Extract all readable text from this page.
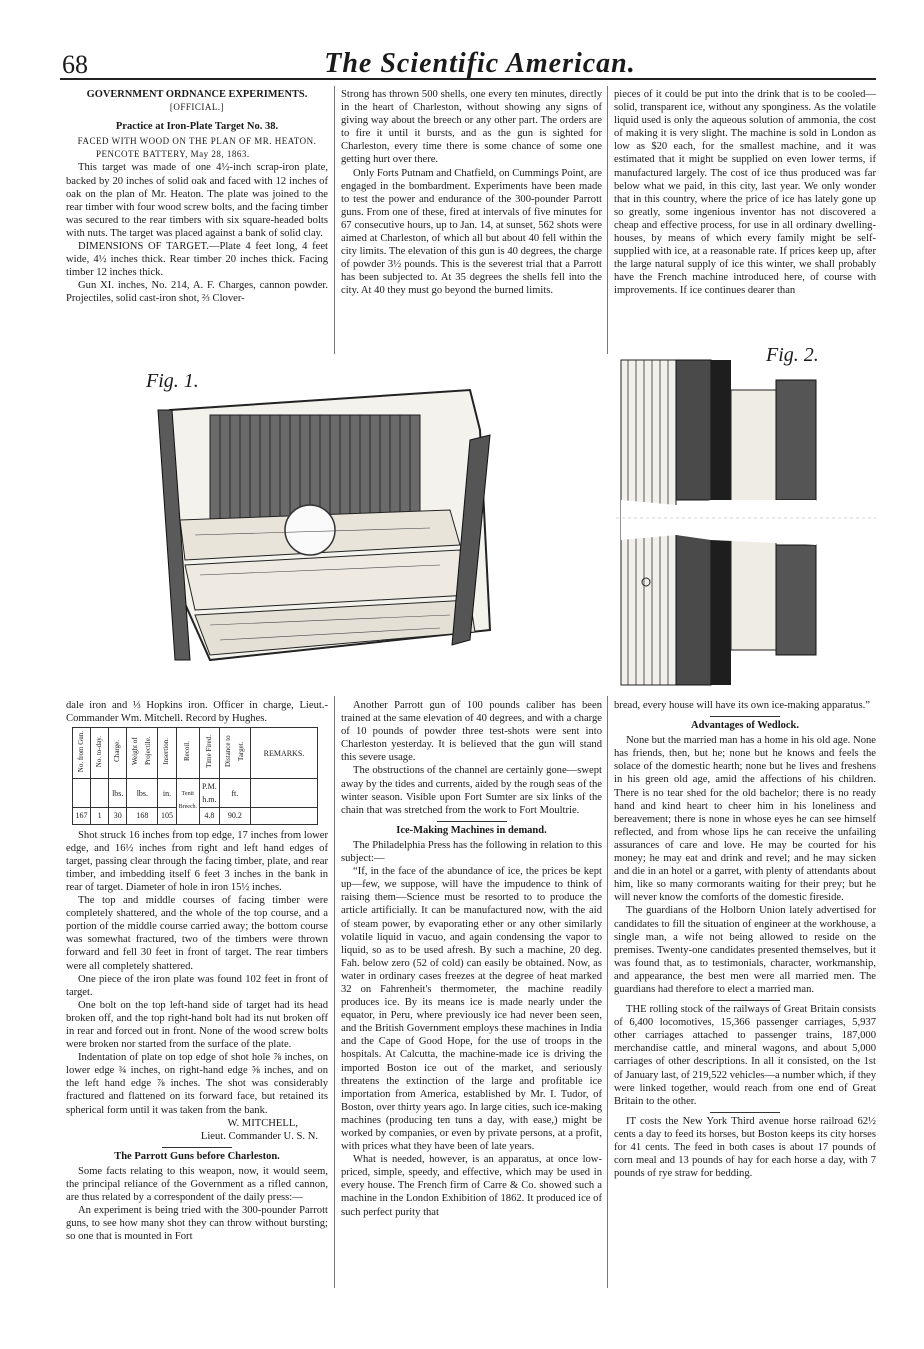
68	The Scientific American.

GOVERNMENT ORDNANCE EXPERIMENTS.

[OFFICIAL.]

Practice at Iron-Plate Target No. 38.

FACED WITH WOOD ON THE PLAN OF MR. HEATON.

PENCOTE BATTERY, May 28, 1863.

This target was made of one 4½-inch scrap-iron plate, backed by 20 inches of solid oak and faced with 12 inches of oak on the plan of Mr. Heaton. The plate was joined to the rear timber with four wood screw bolts, and the facing timber was secured to the rear timbers with six square-headed bolts with nuts. The target was placed against a bank of solid clay.

DIMENSIONS OF TARGET.—Plate 4 feet long, 4 feet wide, 4½ inches thick. Rear timber 20 inches thick. Facing timber 12 inches thick.

Gun XI. inches, No. 214, A. F. Charges, cannon powder. Projectiles, solid cast-iron shot, ⅔ Clover-

Strong has thrown 500 shells, one every ten minutes, directly in the heart of Charleston, without showing any signs of giving way about the breech or any other part. The orders are to fire it until it bursts, and as the gun is sighted for Charleston, every time there is some chance of some one getting hurt over there.

Only Forts Putnam and Chatfield, on Cummings Point, are engaged in the bombardment. Experiments have been made to test the power and endurance of the 300-pounder Parrott guns. From one of these, fired at intervals of five minutes for 67 consecutive hours, up to Jan. 14, at sunset, 562 shots were aimed at Charleston, of which all but about 40 fell within the city limits. The elevation of this gun is 40 degrees, the charge of powder 3½ pounds. This is the severest trial that a Parrott has been subjected to. At 35 degrees the shells fell into the city. At 40 they must go beyond the burned limits.

pieces of it could be put into the drink that is to be cooled—solid, transparent ice, without any sponginess. As the volatile liquid used is only the aqueous solution of ammonia, the cost of making it is very slight. The machine is sold in London as low as $20 each, for the smallest machine, and it was estimated that it might be supplied on even lower terms, if manufactured largely. The cost of ice thus produced was far below what we paid, in this city, last year. We only wonder that in this country, where the price of ice has lately gone up so greatly, some ingenious inventor has not discovered a cheap and effective process, for use in all ordinary dwelling-houses, by means of which every family might be self-supplied with ice, at a reasonable rate. If prices keep up, after the large natural supply of ice this winter, we shall probably have the French machine introduced here, of course with improvements. If ice continues dearer than

Fig. 1.
Fig. 2.

dale iron and ⅓ Hopkins iron. Officer in charge, Lieut.-Commander Wm. Mitchell. Record by Hughes.

No. from Gun.	No. to-day.	Charge.	Weight of Projectile.	Insertion.	Recoil.	Time Fired.	Distance to Target.	REMARKS.
		lbs.	lbs.	in.	Tenit Breech.	P.M. h.m.	ft.	
167	1	30	168	105		4.8	90.2	

Shot struck 16 inches from top edge, 17 inches from lower edge, and 16½ inches from right and left hand edges of target, passing clear through the facing timber, plate, and rear timber, and imbedding itself 6 feet 3 inches in the bank in rear of target. Diameter of hole in iron 15½ inches.

The top and middle courses of facing timber were completely shattered, and the whole of the top course, and a portion of the middle course carried away; the bottom course was somewhat fractured, two of the timbers were thrown forward and fell 30 feet in front of target. The rear timbers were all completely shattered.

One piece of the iron plate was found 102 feet in front of target.

One bolt on the top left-hand side of target had its head broken off, and the top right-hand bolt had its nut broken off in rear and forced out in front. None of the wood screw bolts were broken nor started from the surface of the plate.

Indentation of plate on top edge of shot hole ⅞ inches, on lower edge ¾ inches, on right-hand edge ⅝ inches, and on the left hand edge ⅞ inches. The shot was considerably fractured and flattened on its forward face, but retained its spherical form until it was taken from the bank.

W. MITCHELL,

Lieut. Commander U. S. N.

The Parrott Guns before Charleston.

Some facts relating to this weapon, now, it would seem, the principal reliance of the Government as a rifled cannon, are thus related by a correspondent of the daily press:—

An experiment is being tried with the 300-pounder Parrott guns, to see how many shot they can throw without bursting; so one that is mounted in Fort

Another Parrott gun of 100 pounds caliber has been trained at the same elevation of 40 degrees, and with a charge of 10 pounds of powder three test-shots were sent into Charleston yesterday. It is believed that the gun will stand this severe usage.

The obstructions of the channel are certainly gone—swept away by the tides and currents, aided by the rough seas of the winter season. Visible upon Fort Sumter are six links of the chain that was stretched from the work to Fort Moultrie.

Ice-Making Machines in demand.

The Philadelphia Press has the following in relation to this subject:—

“If, in the face of the abundance of ice, the prices be kept up—few, we suppose, will have the impudence to think of raising them—Science must be resorted to to produce the article artificially. It can be manufactured now, with the aid of steam power, by evaporating ether or any other similarly volatile liquid in vacuo, and again condensing the vapor to liquid, so as to be used afresh. By such a machine, 20 deg. Fah. below zero (52 of cold) can easily be obtained. Now, as water in ordinary cases freezes at the degree of heat marked 32 on Fahrenheit's thermometer, the machine readily produces ice. By its means ice is made nearly under the equator, in Peru, where previously ice had never been seen, and the British Government employs these machines in India and the Cape of Good Hope, for the use of troops in the hospitals. At Calcutta, the machine-made ice is driving the imported Boston ice out of the market, and seriously threatens the extinction of the large and profitable ice importation from America, established by Mr. I. Tudor, of Boston, over thirty years ago. In large cities, such ice-making machines (producing ten tuns a day, with ease,) might be worked by companies, or even by private persons, at a profit, with prices what they have been of late years.

What is needed, however, is an apparatus, at once low-priced, simple, speedy, and effective, which may be used in every house. The French firm of Carre & Co. showed such a machine in the London Exhibition of 1862. It produced ice of such perfect purity that

bread, every house will have its own ice-making apparatus.”

Advantages of Wedlock.

None but the married man has a home in his old age. None has friends, then, but he; none but he knows and feels the solace of the domestic hearth; none but he lives and freshens in his green old age, amid the affections of his children. There is no tear shed for the old bachelor; there is no ready hand and kind heart to cheer him in his loneliness and bereavement; there is none in whose eyes he can see himself reflected, and from whose lips he can receive the unfailing assurances of care and love. He may be courted for his money; he may eat and drink and revel; and he may sicken and die in an hotel or a garret, with plenty of attendants about him, like so many cormorants waiting for their prey; but he will never know the comforts of the domestic fireside.

The guardians of the Holborn Union lately advertised for candidates to fill the situation of engineer at the workhouse, a single man, a wife not being allowed to reside on the premises. Twenty-one candidates presented themselves, but it was found that, as to testimonials, character, workmanship, and appearance, the best men were all married men. The guardians had therefore to elect a married man.

THE rolling stock of the railways of Great Britain consists of 6,400 locomotives, 15,366 passenger carriages, 5,937 other carriages attached to passenger trains, 187,000 merchandise cattle, and mineral wagons, and about 5,000 carriages of other descriptions. In all it consisted, on the 1st of January last, of 219,522 vehicles—a number which, if they were linked together, would reach from one end of Great Britain to the other.

IT costs the New York Third avenue horse railroad 62½ cents a day to feed its horses, but Boston keeps its city horses for 41 cents. The feed in both cases is about 17 pounds of corn meal and 13 pounds of hay for each horse a day, with 7 pounds of rye straw for bedding.
